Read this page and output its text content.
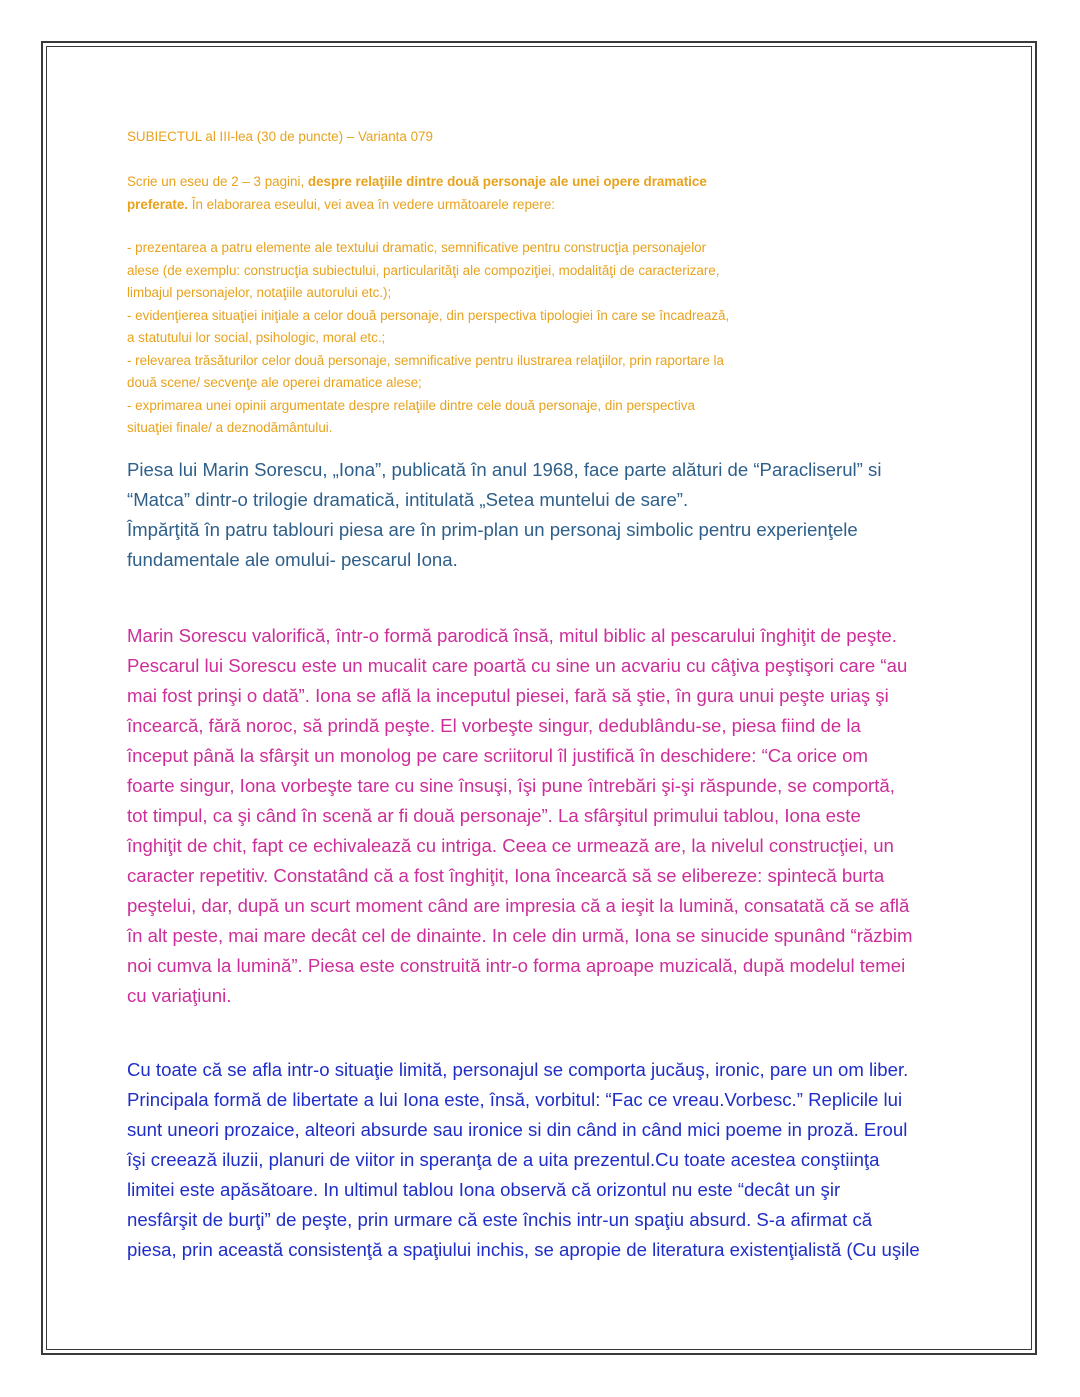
SUBIECTUL al III-lea (30 de puncte) – Varianta 079
Scrie un eseu de 2 – 3 pagini, despre relaţiile dintre două personaje ale unei opere dramatice preferate. În elaborarea eseului, vei avea în vedere următoarele repere:

- prezentarea a patru elemente ale textului dramatic, semnificative pentru construcţia personajelor

alese (de exemplu: construcţia subiectului, particularităţi ale compoziţiei, modalităţi de caracterizare,

limbajul personajelor, notaţiile autorului etc.);

- evidenţierea situaţiei iniţiale a celor două personaje, din perspectiva tipologiei în care se încadrează,

a statutului lor social, psihologic, moral etc.;

- relevarea trăsăturilor celor două personaje, semnificative pentru ilustrarea relaţiilor, prin raportare la

două scene/ secvenţe ale operei dramatice alese;

- exprimarea unei opinii argumentate despre relaţiile dintre cele două personaje, din perspectiva

situaţiei finale/ a deznodământului.

Piesa lui Marin Sorescu, „Iona”, publicată în anul 1968, face parte alături de “Paracliserul” si
“Matca” dintr-o trilogie dramatică, intitulată „Setea muntelui de sare”.
Împărţită în patru tablouri piesa are în prim-plan un personaj simbolic pentru experienţele
fundamentale ale omului- pescarul Iona.
Marin Sorescu valorifică, într-o formă parodică însă, mitul biblic al pescarului înghiţit de peşte.
Pescarul lui Sorescu este un mucalit care poartă cu sine un acvariu cu câţiva peştişori care “au
mai fost prinşi o dată”. Iona se află la inceputul piesei, fară să ştie, în gura unui peşte uriaş şi
încearcă, fără noroc, să prindă peşte. El vorbeşte singur, dedublându-se, piesa fiind de la
început până la sfârşit un monolog pe care scriitorul îl justifică în deschidere: “Ca orice om
foarte singur, Iona vorbeşte tare cu sine însuşi, îşi pune întrebări şi-şi răspunde, se comportă,
tot timpul, ca şi când în scenă ar fi două personaje”. La sfârşitul primului tablou, Iona este
înghiţit de chit, fapt ce echivalează cu intriga. Ceea ce urmează are, la nivelul construcţiei, un
caracter repetitiv. Constatând că a fost înghiţit, Iona încearcă să se elibereze: spintecă burta
peştelui, dar, după un scurt moment când are impresia că a ieşit la lumină, consatată că se află
în alt peste, mai mare decât cel de dinainte. In cele din urmă, Iona se sinucide spunând “răzbim
noi cumva la lumină”. Piesa este construită intr-o forma aproape muzicală, după modelul temei
cu variaţiuni.
Cu toate că se afla intr-o situaţie limită, personajul se comporta jucăuş, ironic, pare un om liber.
Principala formă de libertate a lui Iona este, însă, vorbitul: “Fac ce vreau.Vorbesc.” Replicile lui
sunt uneori prozaice, alteori absurde sau ironice si din când in când mici poeme in proză. Eroul
îşi creează iluzii, planuri de viitor in speranţa de a uita prezentul.Cu toate acestea conştiinţa
limitei este apăsătoare. In ultimul tablou Iona observă că orizontul nu este “decât un şir
nesfârşit de burţi” de peşte, prin urmare că este închis intr-un spaţiu absurd. S-a afirmat că
piesa, prin această consistenţă a spaţiului inchis, se apropie de literatura existenţialistă (Cu uşile
